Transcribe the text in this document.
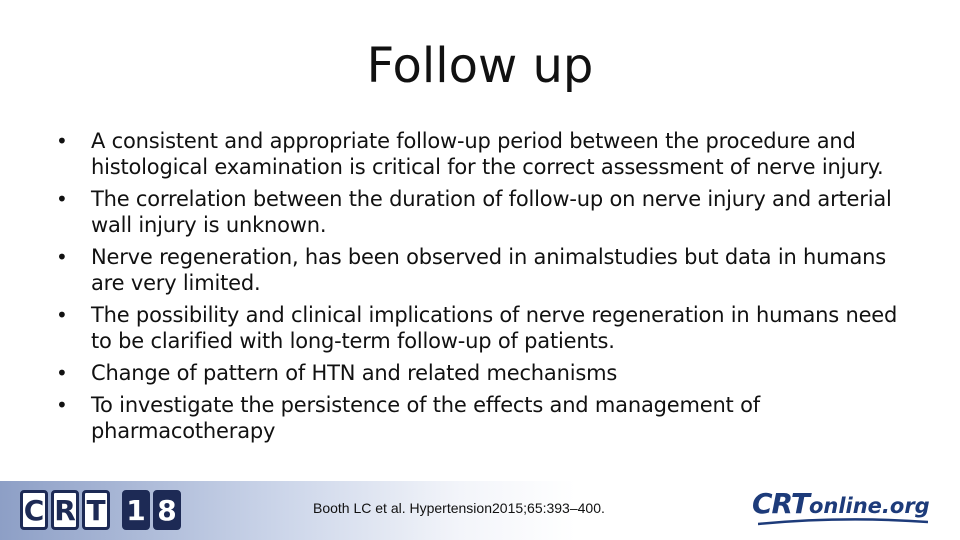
Follow up
•	A consistent and appropriate follow-up period between the procedure and histological examination is critical for the correct assessment of nerve injury.
•	The correlation between the duration of follow-up on nerve injury and arterial wall injury is unknown.
•	Nerve regeneration, has been observed in animalstudies but data in humans are very limited.
•	The possibility and clinical implications of nerve regeneration in humans need to be clarified with long-term follow-up of patients.
•	Change of pattern of HTN and related mechanisms
•	To investigate the persistence of the effects and management of pharmacotherapy
C R T 1 8	Booth LC et al. Hypertension2015;65:393–400.	CRTonline.org
